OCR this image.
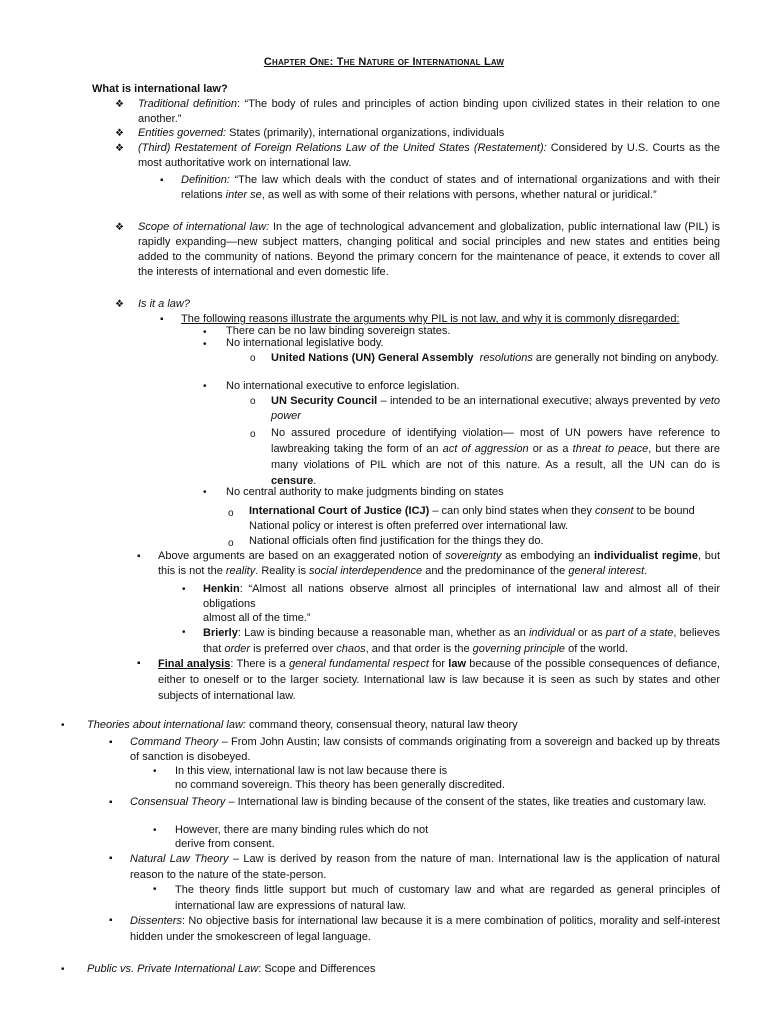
Chapter One: The Nature of International Law
What is international law?
❖ Traditional definition: “The body of rules and principles of action binding upon civilized states in their relation to one another.”
❖ Entities governed: States (primarily), international organizations, individuals
❖ (Third) Restatement of Foreign Relations Law of the United States (Restatement): Considered by U.S. Courts as the most authoritative work on international law.
▪ Definition: “The law which deals with the conduct of states and of international organizations and with their relations inter se, as well as with some of their relations with persons, whether natural or juridical.”
❖ Scope of international law: In the age of technological advancement and globalization, public international law (PIL) is rapidly expanding—new subject matters, changing political and social principles and new states and entities being added to the community of nations. Beyond the primary concern for the maintenance of peace, it extends to cover all the interests of international and even domestic life.
❖ Is it a law?
▪ The following reasons illustrate the arguments why PIL is not law, and why it is commonly disregarded:
• There can be no law binding sovereign states.
• No international legislative body.
o United Nations (UN) General Assembly resolutions are generally not binding on anybody.
• No international executive to enforce legislation.
o UN Security Council – intended to be an international executive; always prevented by veto power
o No assured procedure of identifying violation— most of UN powers have reference to lawbreaking taking the form of an act of aggression or as a threat to peace, but there are many violations of PIL which are not of this nature. As a result, all the UN can do is censure.
• No central authority to make judgments binding on states
o International Court of Justice (ICJ) – can only bind states when they consent to be bound
National policy or interest is often preferred over international law.
o National officials often find justification for the things they do.
▪ Above arguments are based on an exaggerated notion of sovereignty as embodying an individualist regime, but this is not the reality. Reality is social interdependence and the predominance of the general interest.
• Henkin: “Almost all nations observe almost all principles of international law and almost all of their obligations
almost all of the time.”
• Brierly: Law is binding because a reasonable man, whether as an individual or as part of a state, believes that order is preferred over chaos, and that order is the governing principle of the world.
▪ Final analysis: There is a general fundamental respect for law because of the possible consequences of defiance, either to oneself or to the larger society. International law is law because it is seen as such by states and other subjects of international law.
• Theories about international law: command theory, consensual theory, natural law theory
▪ Command Theory – From John Austin; law consists of commands originating from a sovereign and backed up by threats of sanction is disobeyed.
• In this view, international law is not law because there is
no command sovereign. This theory has been generally discredited.
▪ Consensual Theory – International law is binding because of the consent of the states, like treaties and customary law.
• However, there are many binding rules which do not
derive from consent.
▪ Natural Law Theory – Law is derived by reason from the nature of man. International law is the application of natural reason to the nature of the state-person.
• The theory finds little support but much of customary law and what are regarded as general principles of international law are expressions of natural law.
▪ Dissenters: No objective basis for international law because it is a mere combination of politics, morality and self-interest hidden under the smokescreen of legal language.
• Public vs. Private International Law: Scope and Differences
